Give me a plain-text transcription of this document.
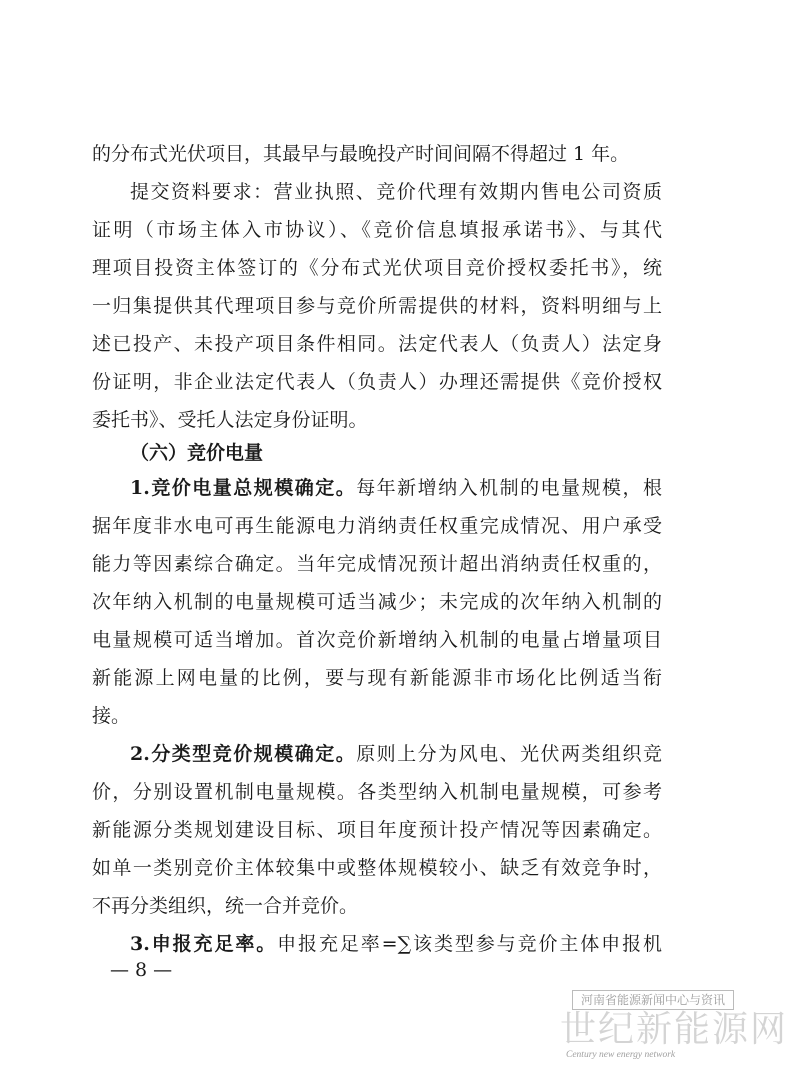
的分布式光伏项目，其最早与最晚投产时间间隔不得超过 1 年。
提交资料要求：营业执照、竞价代理有效期内售电公司资质
证明（市场主体入市协议）、《竞价信息填报承诺书》、与其代
理项目投资主体签订的《分布式光伏项目竞价授权委托书》，统
一归集提供其代理项目参与竞价所需提供的材料，资料明细与上
述已投产、未投产项目条件相同。法定代表人（负责人）法定身
份证明，非企业法定代表人（负责人）办理还需提供《竞价授权
委托书》、受托人法定身份证明。
（六）竞价电量
1.竞价电量总规模确定。每年新增纳入机制的电量规模，根
据年度非水电可再生能源电力消纳责任权重完成情况、用户承受
能力等因素综合确定。当年完成情况预计超出消纳责任权重的，
次年纳入机制的电量规模可适当减少；未完成的次年纳入机制的
电量规模可适当增加。首次竞价新增纳入机制的电量占增量项目
新能源上网电量的比例，要与现有新能源非市场化比例适当衔
接。
2.分类型竞价规模确定。原则上分为风电、光伏两类组织竞
价，分别设置机制电量规模。各类型纳入机制电量规模，可参考
新能源分类规划建设目标、项目年度预计投产情况等因素确定。
如单一类别竞价主体较集中或整体规模较小、缺乏有效竞争时，
不再分类组织，统一合并竞价。
3.申报充足率。申报充足率=∑该类型参与竞价主体申报机
— 8 —
河南省能源新闻中心与资讯
世纪新能源网
Century new energy network
